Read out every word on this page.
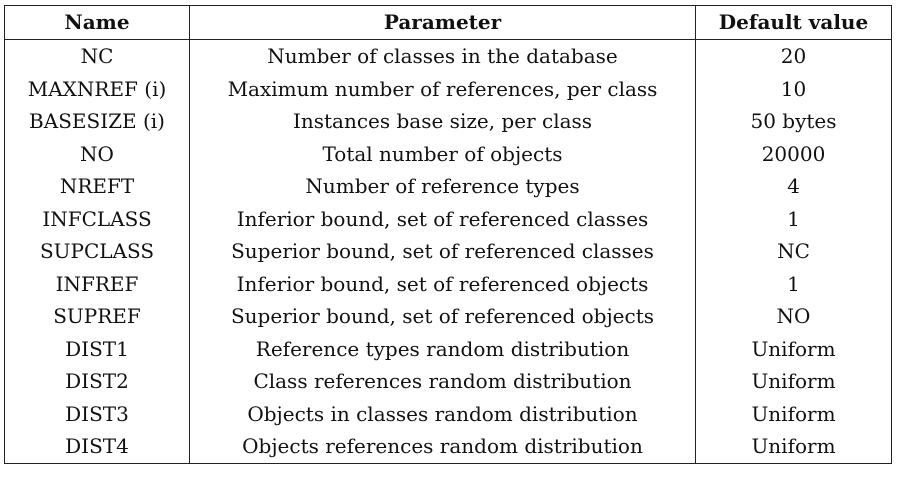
Name	Parameter	Default value
NC	Number of classes in the database	20
MAXNREF (i)	Maximum number of references, per class	10
BASESIZE (i)	Instances base size, per class	50 bytes
NO	Total number of objects	20000
NREFT	Number of reference types	4
INFCLASS	Inferior bound, set of referenced classes	1
SUPCLASS	Superior bound, set of referenced classes	NC
INFREF	Inferior bound, set of referenced objects	1
SUPREF	Superior bound, set of referenced objects	NO
DIST1	Reference types random distribution	Uniform
DIST2	Class references random distribution	Uniform
DIST3	Objects in classes random distribution	Uniform
DIST4	Objects references random distribution	Uniform
